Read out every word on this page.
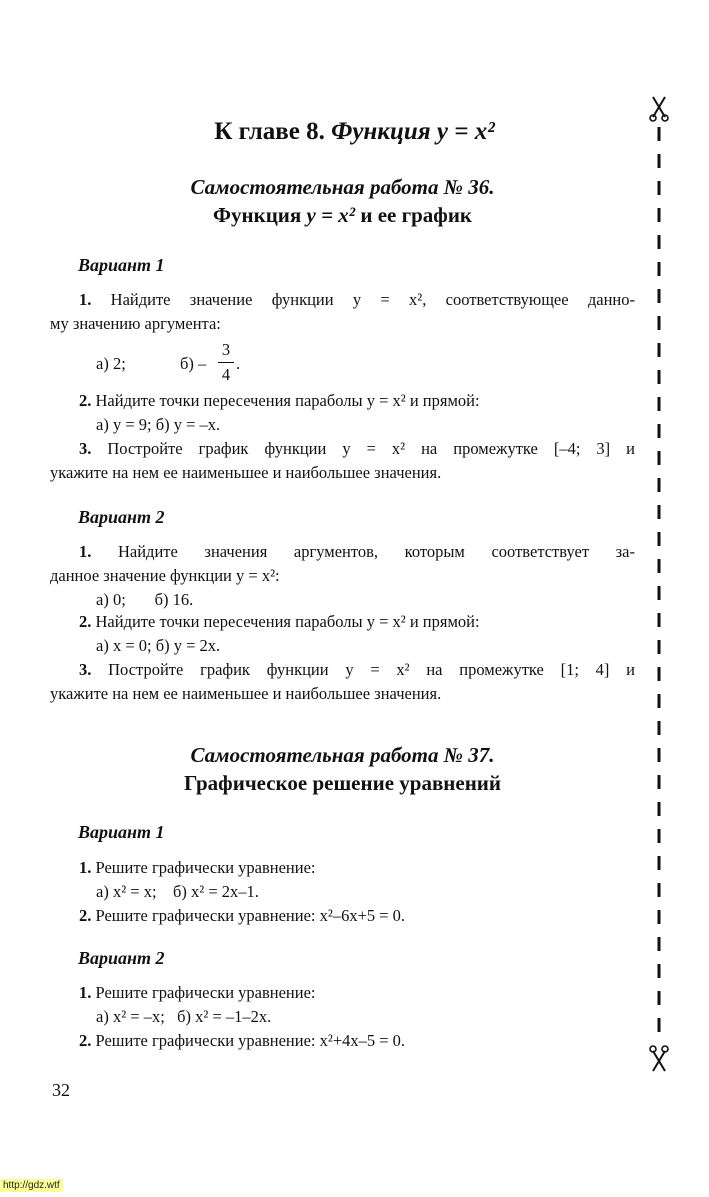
К главе 8. Функция y = x²
Самостоятельная работа № 36.
Функция y = x² и ее график
Вариант 1
1. Найдите значение функции y = x², соответствующее данно-
му значению аргумента:
а) 2;	б) –
3
4
.
2. Найдите точки пересечения параболы y = x² и прямой:
а) y = 9; б) y = –x.
3. Постройте график функции y = x² на промежутке [–4; 3] и
укажите на нем ее наименьшее и наибольшее значения.
Вариант 2
1. Найдите значения аргументов, которым соответствует за-
данное значение функции y = x²:
а) 0;       б) 16.
2. Найдите точки пересечения параболы y = x² и прямой:
а) x = 0; б) y = 2x.
3. Постройте график функции y = x² на промежутке [1; 4] и
укажите на нем ее наименьшее и наибольшее значения.
Самостоятельная работа № 37.
Графическое решение уравнений
Вариант 1
1. Решите графически уравнение:
а) x² = x;    б) x² = 2x–1.
2. Решите графически уравнение: x²–6x+5 = 0.
Вариант 2
1. Решите графически уравнение:
а) x² = –x;   б) x² = –1–2x.
2. Решите графически уравнение: x²+4x–5 = 0.
32
http://gdz.wtf
